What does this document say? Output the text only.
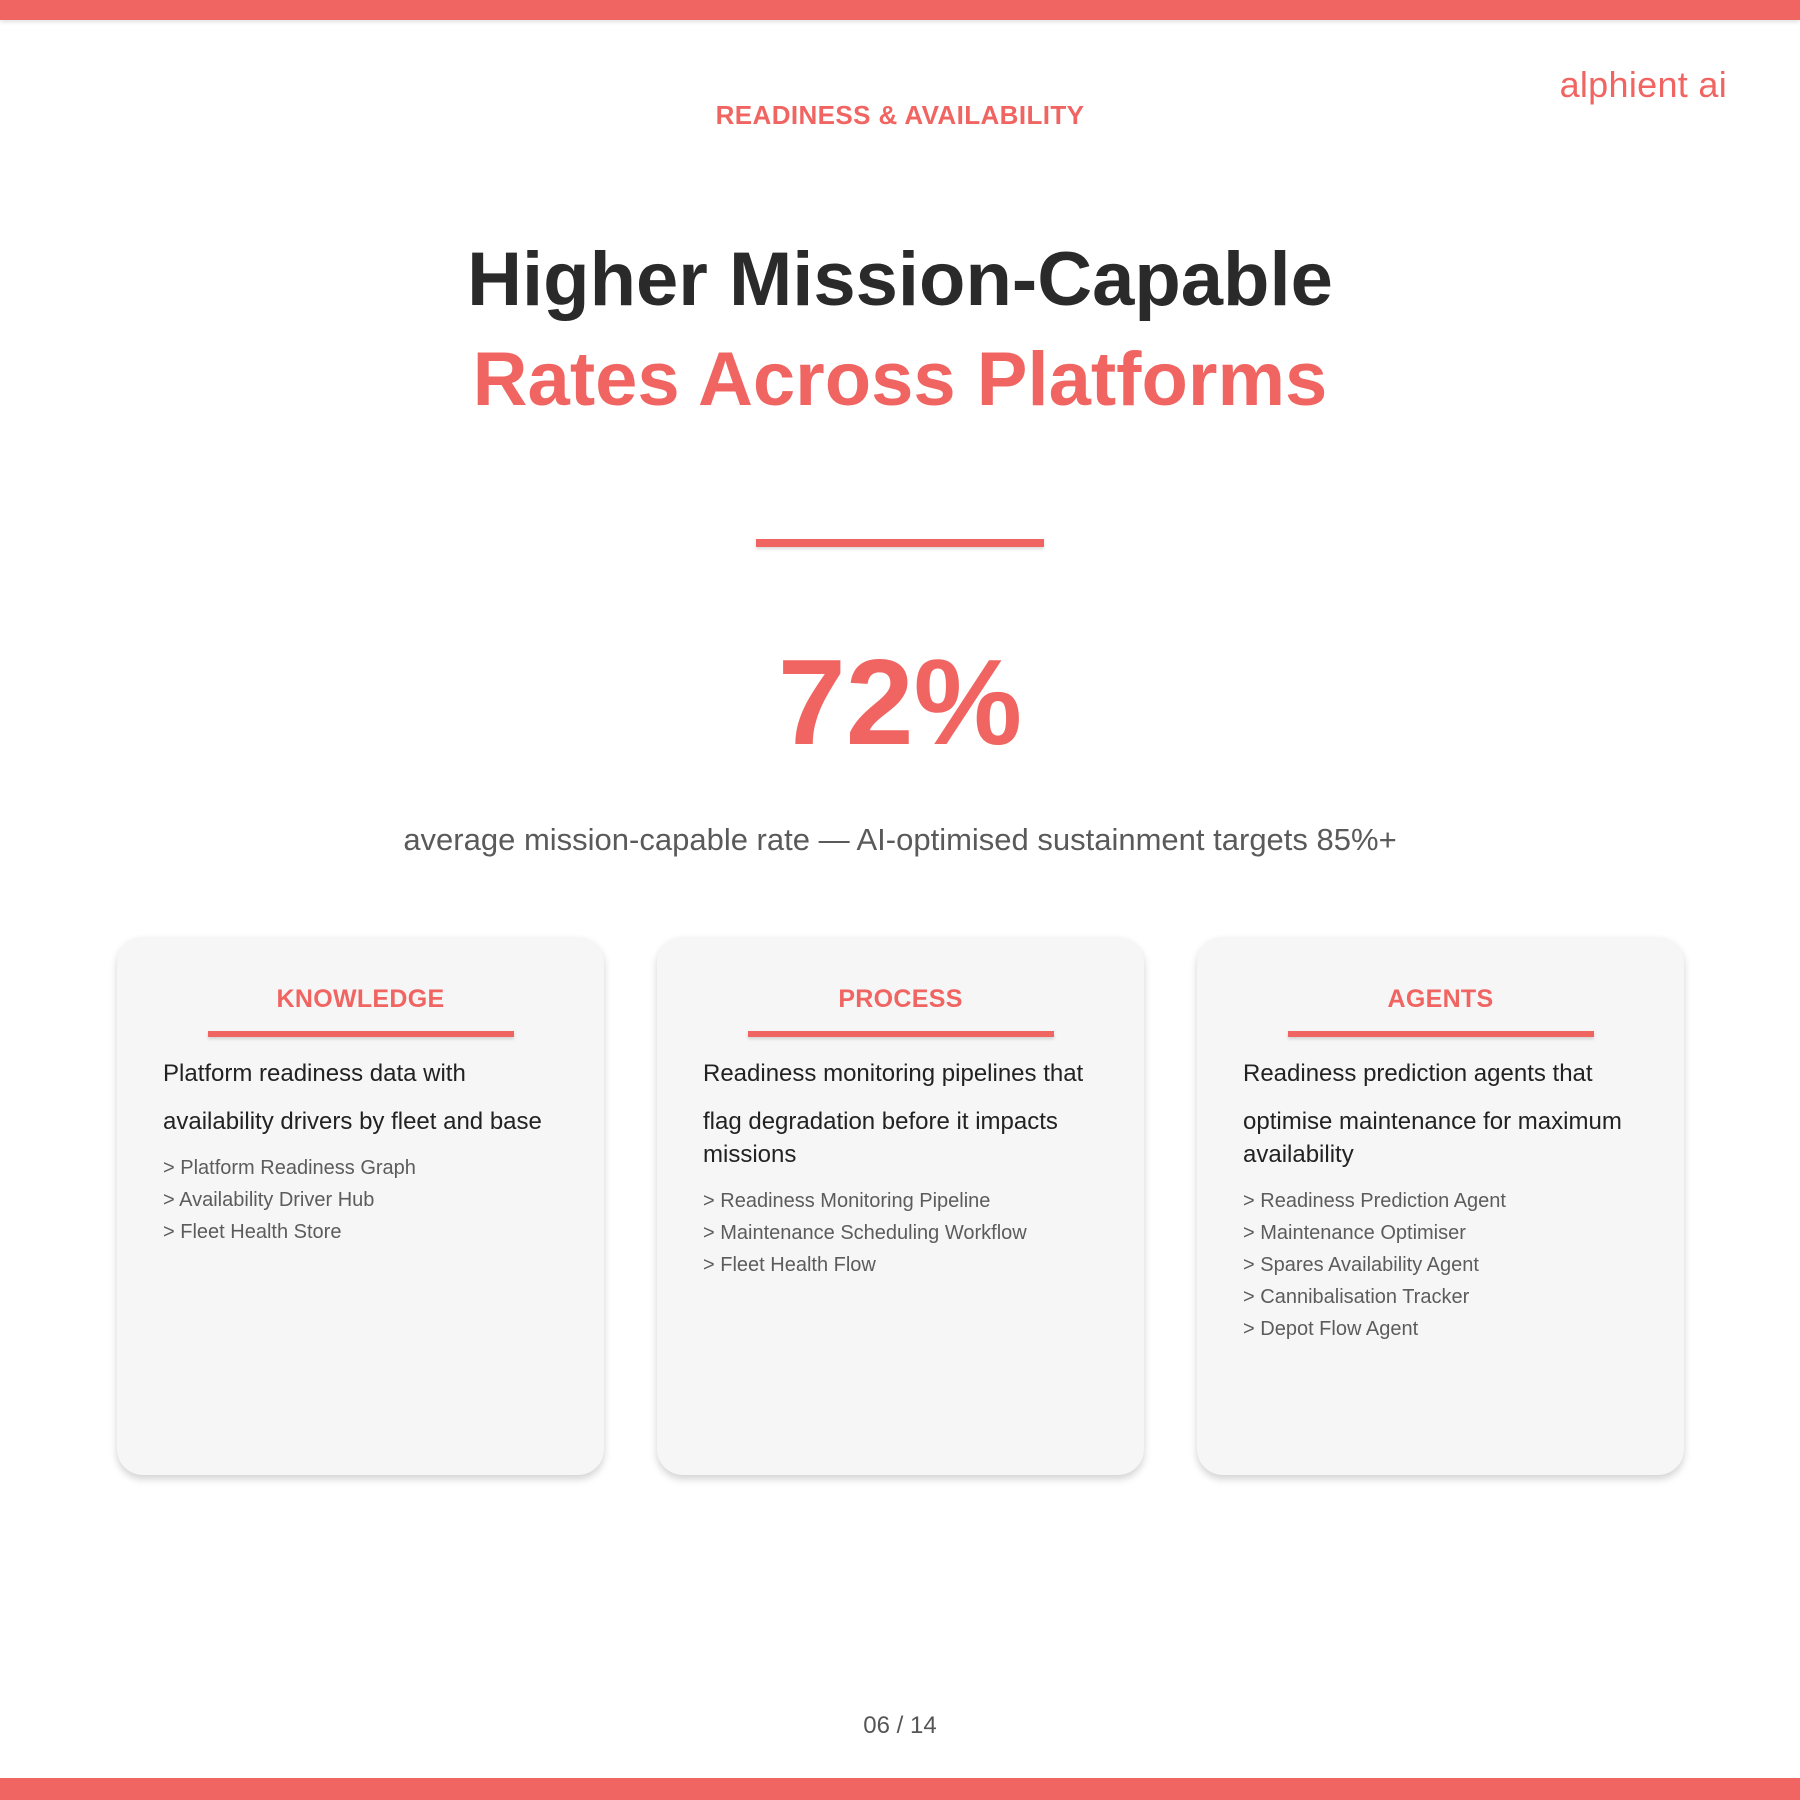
alphient ai
READINESS & AVAILABILITY
Higher Mission-Capable
Rates Across Platforms
72%
average mission-capable rate — AI-optimised sustainment targets 85%+
KNOWLEDGE

Platform readiness data with

availability drivers by fleet and base

> Platform Readiness Graph
> Availability Driver Hub
> Fleet Health Store
PROCESS

Readiness monitoring pipelines that

flag degradation before it impacts missions

> Readiness Monitoring Pipeline
> Maintenance Scheduling Workflow
> Fleet Health Flow
AGENTS

Readiness prediction agents that

optimise maintenance for maximum availability

> Readiness Prediction Agent
> Maintenance Optimiser
> Spares Availability Agent
> Cannibalisation Tracker
> Depot Flow Agent
06 / 14
